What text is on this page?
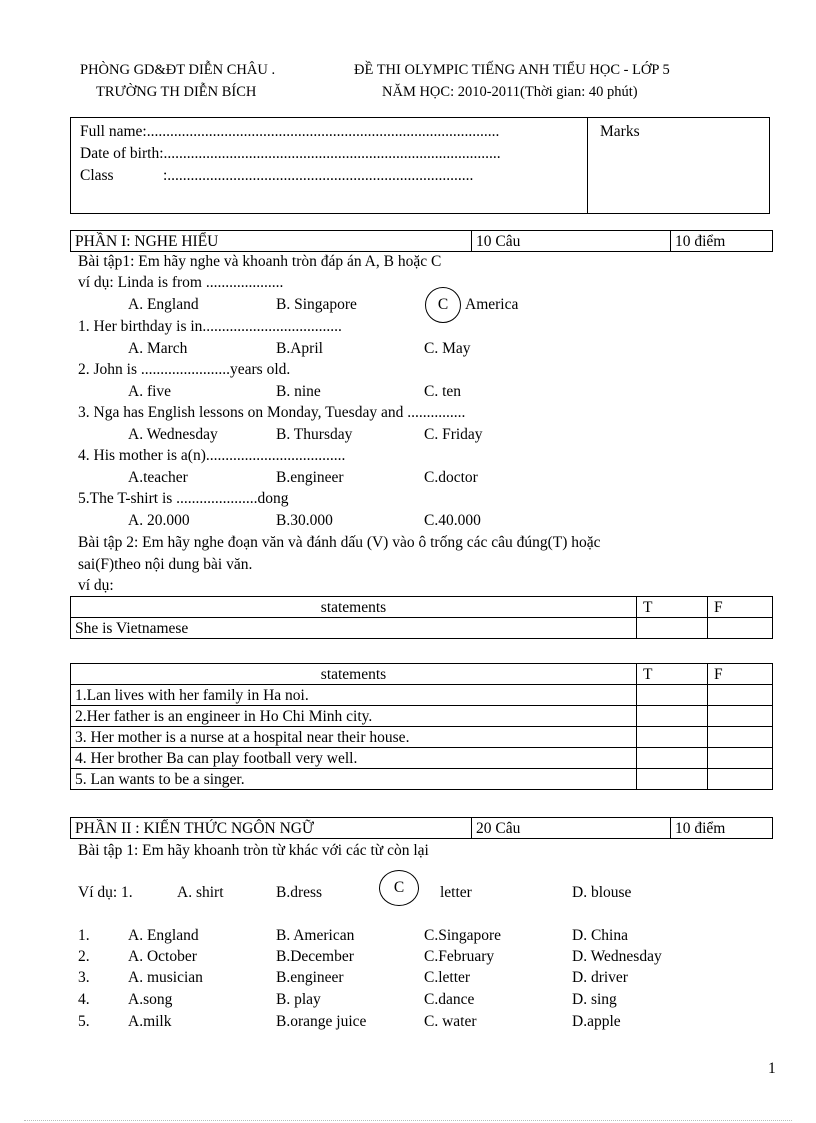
PHÒNG GD&ĐT DIỄN CHÂU .
TRƯỜNG TH DIỄN BÍCH
ĐỀ THI OLYMPIC TIẾNG ANH TIỂU HỌC - LỚP 5
NĂM HỌC: 2010-2011(Thời gian: 40 phút)
Full name:...........................................................................................
Date of birth:.......................................................................................
Class	:...............................................................................
Marks
PHẦN I: NGHE HIỂU	10 Câu	10 điểm
Bài tập1: Em hãy nghe và khoanh tròn đáp án A, B hoặc C
ví dụ: Linda is from ....................
A. England	B. Singapore	C	America
1. Her birthday is in....................................
A. March	B.April	C. May
2. John is .......................years old.
A. five	B. nine	C. ten
3. Nga has English lessons on Monday, Tuesday and ...............
A. Wednesday	B. Thursday	C. Friday
4. His mother is a(n)....................................
A.teacher	B.engineer	C.doctor
5.The T-shirt is .....................dong
A. 20.000	B.30.000	C.40.000
Bài tập 2: Em hãy nghe đoạn văn và đánh dấu (V) vào ô trống các câu đúng(T) hoặc
sai(F)theo nội dung bài văn.
ví dụ:
statements	T	F
She is Vietnamese		
statements	T	F
1.Lan lives with her family in Ha noi.		
2.Her father is an engineer in Ho Chi Minh city.		
3. Her mother is a nurse at a hospital near their house.		
4. Her brother Ba can play football very well.		
5. Lan wants to be a singer.		
PHẦN II : KIẾN THỨC NGÔN NGỮ	20 Câu	10 điểm
Bài tập 1: Em hãy khoanh tròn từ khác với các từ còn lại
Ví dụ: 1.	A. shirt	B.dress	C	letter	D. blouse
1. A. England	B. American	C.Singapore	D. China
2. A. October	B.December	C.February	D. Wednesday
3. A. musician	B.engineer	C.letter	D. driver
4. A.song	B. play	C.dance	D. sing
5. A.milk	B.orange juice	C. water	D.apple
1
